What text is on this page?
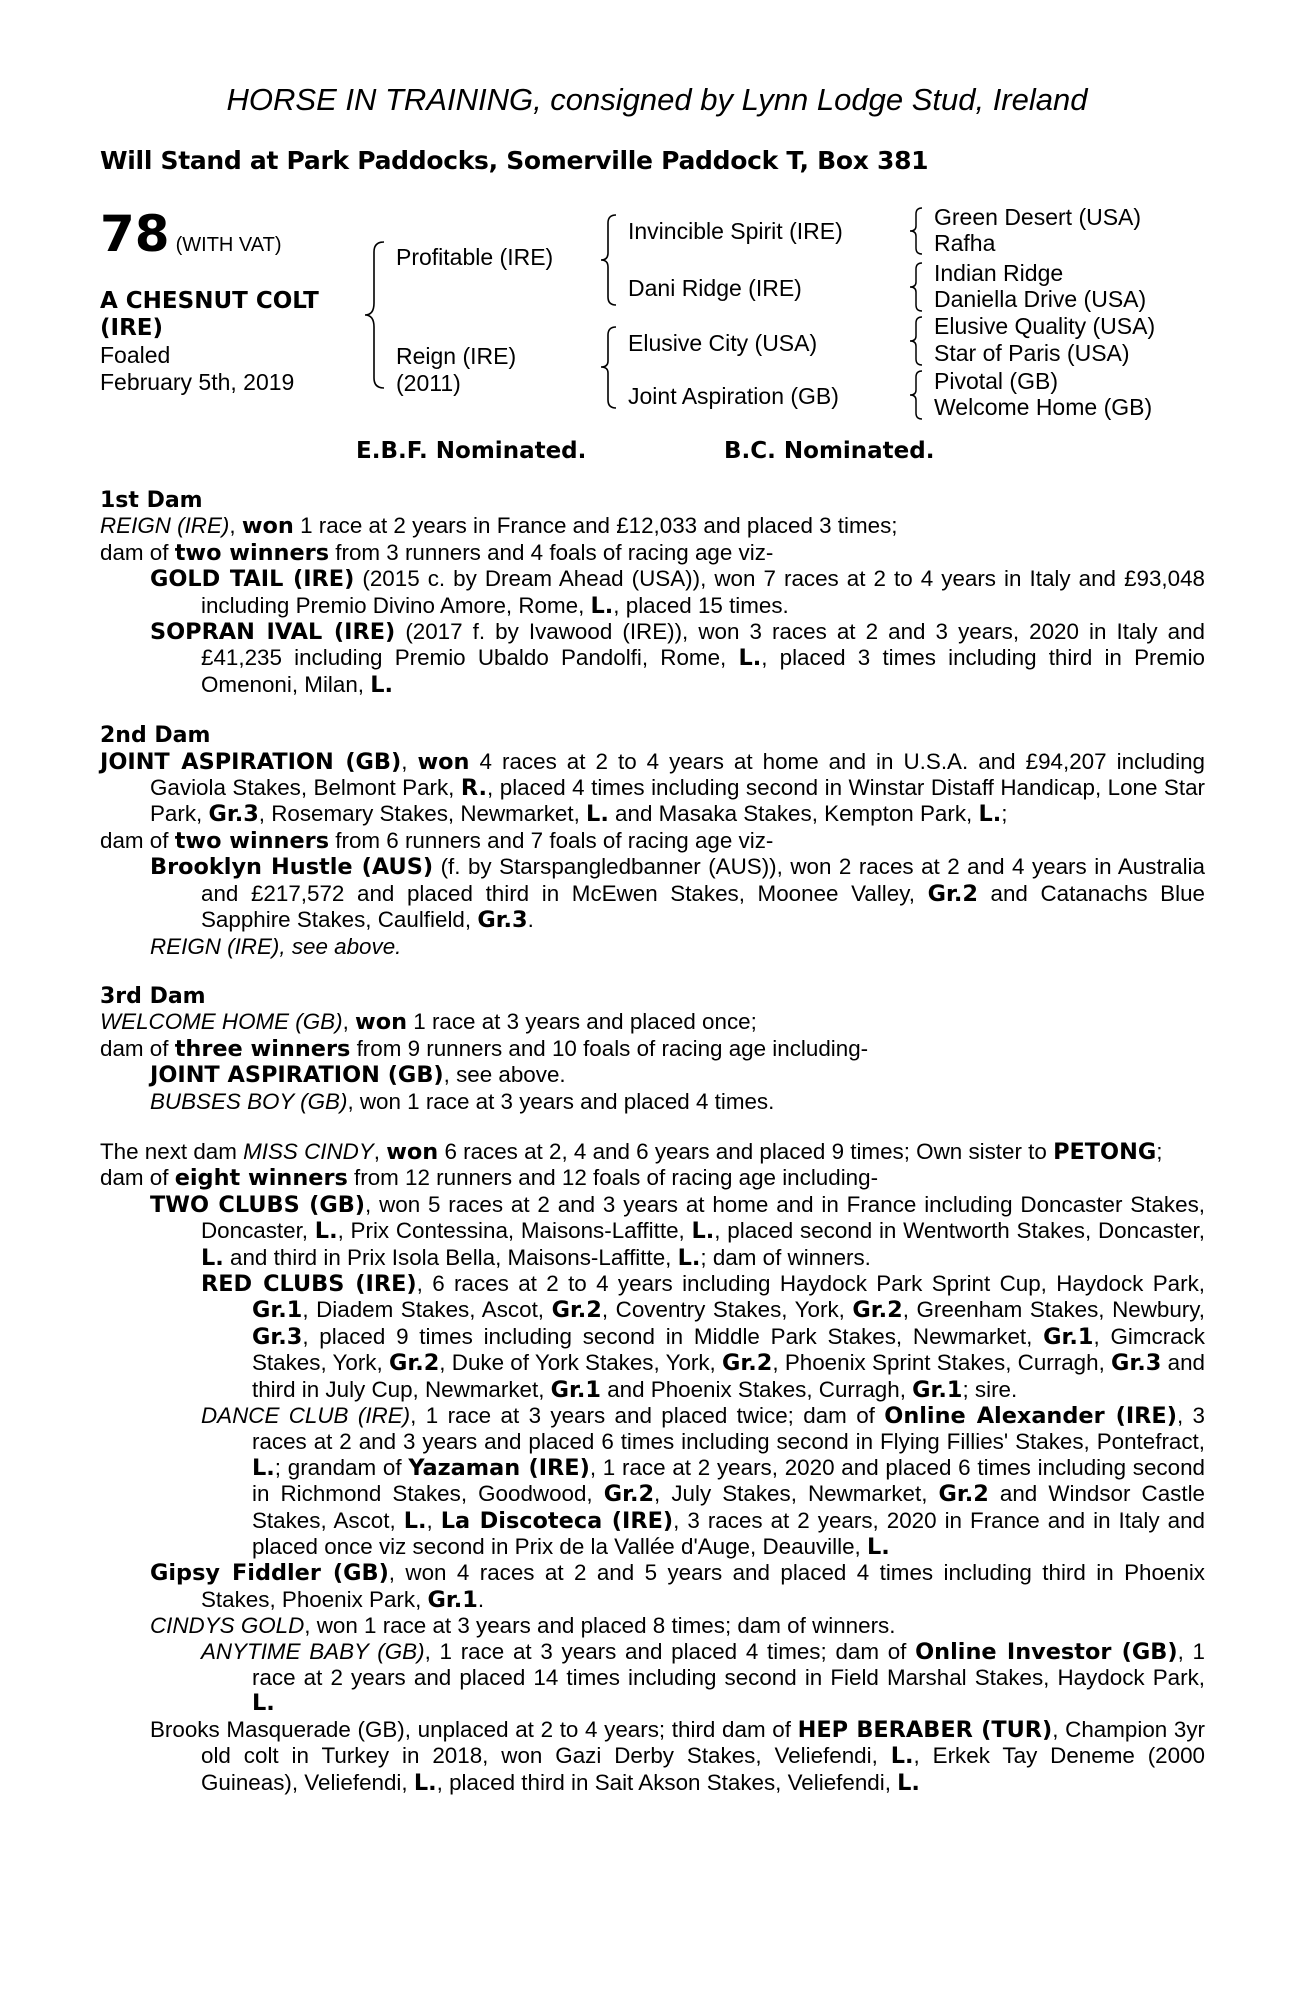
HORSE IN TRAINING, consigned by Lynn Lodge Stud, Ireland
Will Stand at Park Paddocks, Somerville Paddock T, Box 381
78 (WITH VAT)
A CHESNUT COLT
(IRE)
Foaled
February 5th, 2019
Profitable (IRE)
Reign (IRE)
(2011)
Invincible Spirit (IRE)
Dani Ridge (IRE)
Elusive City (USA)
Joint Aspiration (GB)
Green Desert (USA)
Rafha
Indian Ridge
Daniella Drive (USA)
Elusive Quality (USA)
Star of Paris (USA)
Pivotal (GB)
Welcome Home (GB)
E.B.F. Nominated.	B.C. Nominated.

1st Dam

REIGN (IRE), won 1 race at 2 years in France and £12,033 and placed 3 times;

dam of two winners from 3 runners and 4 foals of racing age viz-

GOLD TAIL (IRE) (2015 c. by Dream Ahead (USA)), won 7 races at 2 to 4 years in Italy and £93,048 including Premio Divino Amore, Rome, L., placed 15 times.

SOPRAN IVAL (IRE) (2017 f. by Ivawood (IRE)), won 3 races at 2 and 3 years, 2020 in Italy and £41,235 including Premio Ubaldo Pandolfi, Rome, L., placed 3 times including third in Premio Omenoni, Milan, L.

2nd Dam

JOINT ASPIRATION (GB), won 4 races at 2 to 4 years at home and in U.S.A. and £94,207 including Gaviola Stakes, Belmont Park, R., placed 4 times including second in Winstar Distaff Handicap, Lone Star Park, Gr.3, Rosemary Stakes, Newmarket, L. and Masaka Stakes, Kempton Park, L.;

dam of two winners from 6 runners and 7 foals of racing age viz-

Brooklyn Hustle (AUS) (f. by Starspangledbanner (AUS)), won 2 races at 2 and 4 years in Australia and £217,572 and placed third in McEwen Stakes, Moonee Valley, Gr.2 and Catanachs Blue Sapphire Stakes, Caulfield, Gr.3.

REIGN (IRE), see above.

3rd Dam

WELCOME HOME (GB), won 1 race at 3 years and placed once;

dam of three winners from 9 runners and 10 foals of racing age including-

JOINT ASPIRATION (GB), see above.

BUBSES BOY (GB), won 1 race at 3 years and placed 4 times.

The next dam MISS CINDY, won 6 races at 2, 4 and 6 years and placed 9 times; Own sister to PETONG;

dam of eight winners from 12 runners and 12 foals of racing age including-

TWO CLUBS (GB), won 5 races at 2 and 3 years at home and in France including Doncaster Stakes, Doncaster, L., Prix Contessina, Maisons-Laffitte, L., placed second in Wentworth Stakes, Doncaster, L. and third in Prix Isola Bella, Maisons-Laffitte, L.; dam of winners.

RED CLUBS (IRE), 6 races at 2 to 4 years including Haydock Park Sprint Cup, Haydock Park, Gr.1, Diadem Stakes, Ascot, Gr.2, Coventry Stakes, York, Gr.2, Greenham Stakes, Newbury, Gr.3, placed 9 times including second in Middle Park Stakes, Newmarket, Gr.1, Gimcrack Stakes, York, Gr.2, Duke of York Stakes, York, Gr.2, Phoenix Sprint Stakes, Curragh, Gr.3 and third in July Cup, Newmarket, Gr.1 and Phoenix Stakes, Curragh, Gr.1; sire.

DANCE CLUB (IRE), 1 race at 3 years and placed twice; dam of Online Alexander (IRE), 3 races at 2 and 3 years and placed 6 times including second in Flying Fillies' Stakes, Pontefract, L.; grandam of Yazaman (IRE), 1 race at 2 years, 2020 and placed 6 times including second in Richmond Stakes, Goodwood, Gr.2, July Stakes, Newmarket, Gr.2 and Windsor Castle Stakes, Ascot, L., La Discoteca (IRE), 3 races at 2 years, 2020 in France and in Italy and placed once viz second in Prix de la Vallée d'Auge, Deauville, L.

Gipsy Fiddler (GB), won 4 races at 2 and 5 years and placed 4 times including third in Phoenix Stakes, Phoenix Park, Gr.1.

CINDYS GOLD, won 1 race at 3 years and placed 8 times; dam of winners.

ANYTIME BABY (GB), 1 race at 3 years and placed 4 times; dam of Online Investor (GB), 1 race at 2 years and placed 14 times including second in Field Marshal Stakes, Haydock Park, L.

Brooks Masquerade (GB), unplaced at 2 to 4 years; third dam of HEP BERABER (TUR), Champion 3yr old colt in Turkey in 2018, won Gazi Derby Stakes, Veliefendi, L., Erkek Tay Deneme (2000 Guineas), Veliefendi, L., placed third in Sait Akson Stakes, Veliefendi, L.
